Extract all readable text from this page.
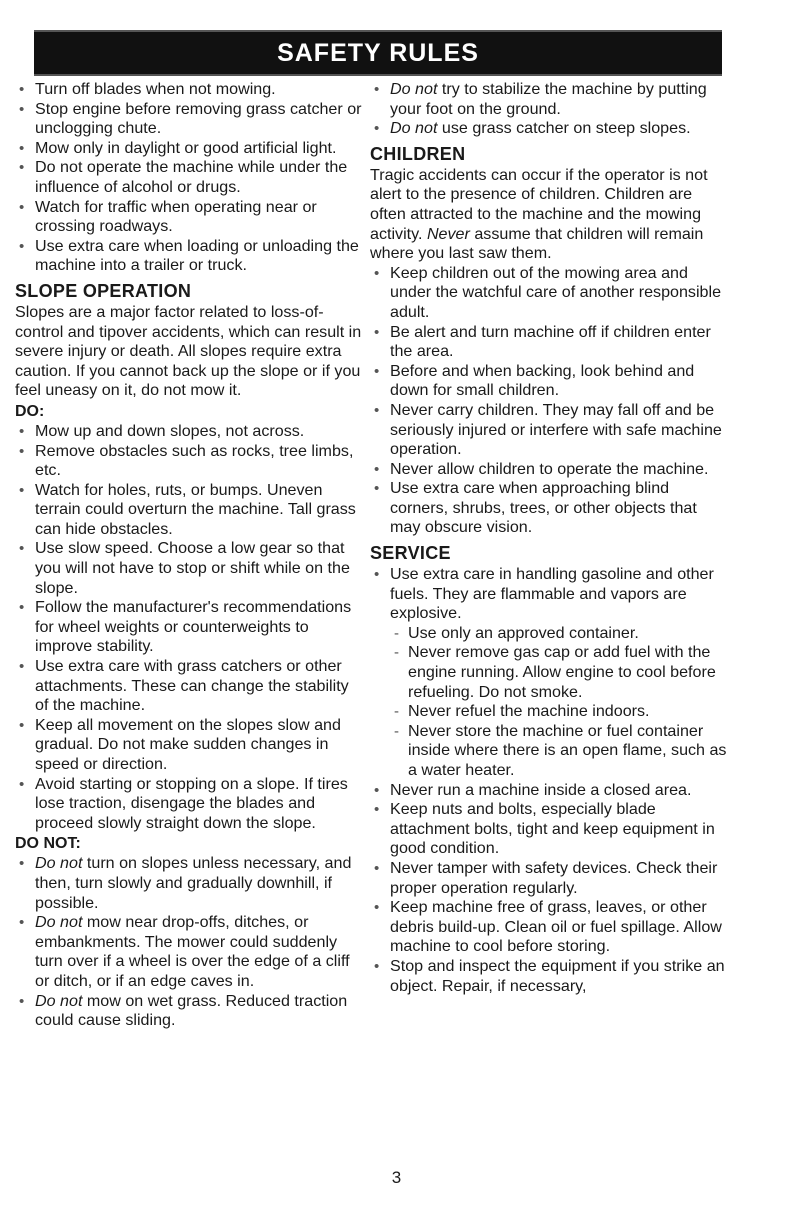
SAFETY RULES
• Turn off blades when not mowing.
• Stop engine before removing grass catcher or unclogging chute.
• Mow only in daylight or good artificial light.
• Do not operate the machine while under the influence of alcohol or drugs.
• Watch for traffic when operating near or crossing roadways.
• Use extra care when loading or unloading the machine into a trailer or truck.
SLOPE OPERATION

Slopes are a major factor related to loss-of-control and tipover accidents, which can result in severe injury or death. All slopes require extra caution. If you cannot back up the slope or if you feel uneasy on it, do not mow it.

DO:
• Mow up and down slopes, not across.
• Remove obstacles such as rocks, tree limbs, etc.
• Watch for holes, ruts, or bumps. Uneven terrain could overturn the machine. Tall grass can hide obstacles.
• Use slow speed. Choose a low gear so that you will not have to stop or shift while on the slope.
• Follow the manufacturer's recommendations for wheel weights or counterweights to improve stability.
• Use extra care with grass catchers or other attachments. These can change the stability of the machine.
• Keep all movement on the slopes slow and gradual. Do not make sudden changes in speed or direction.
• Avoid starting or stopping on a slope. If tires lose traction, disengage the blades and proceed slowly straight down the slope.
DO NOT:
• Do not turn on slopes unless necessary, and then, turn slowly and gradually downhill, if possible.
• Do not mow near drop-offs, ditches, or embankments. The mower could suddenly turn over if a wheel is over the edge of a cliff or ditch, or if an edge caves in.
• Do not mow on wet grass. Reduced traction could cause sliding.
• Do not try to stabilize the machine by putting your foot on the ground.
• Do not use grass catcher on steep slopes.
CHILDREN

Tragic accidents can occur if the operator is not alert to the presence of children. Children are often attracted to the machine and the mowing activity. Never assume that children will remain where you last saw them.

• Keep children out of the mowing area and under the watchful care of another responsible adult.
• Be alert and turn machine off if children enter the area.
• Before and when backing, look behind and down for small children.
• Never carry children. They may fall off and be seriously injured or interfere with safe machine operation.
• Never allow children to operate the machine.
• Use extra care when approaching blind corners, shrubs, trees, or other objects that may obscure vision.
SERVICE
• Use extra care in handling gasoline and other fuels. They are flammable and vapors are explosive.
- Use only an approved container.
- Never remove gas cap or add fuel with the engine running. Allow engine to cool before refueling. Do not smoke.
- Never refuel the machine indoors.
- Never store the machine or fuel container inside where there is an open flame, such as a water heater.
• Never run a machine inside a closed area.
• Keep nuts and bolts, especially blade attachment bolts, tight and keep equipment in good condition.
• Never tamper with safety devices. Check their proper operation regularly.
• Keep machine free of grass, leaves, or other debris build-up. Clean oil or fuel spillage. Allow machine to cool before storing.
• Stop and inspect the equipment if you strike an object. Repair, if necessary,
3
